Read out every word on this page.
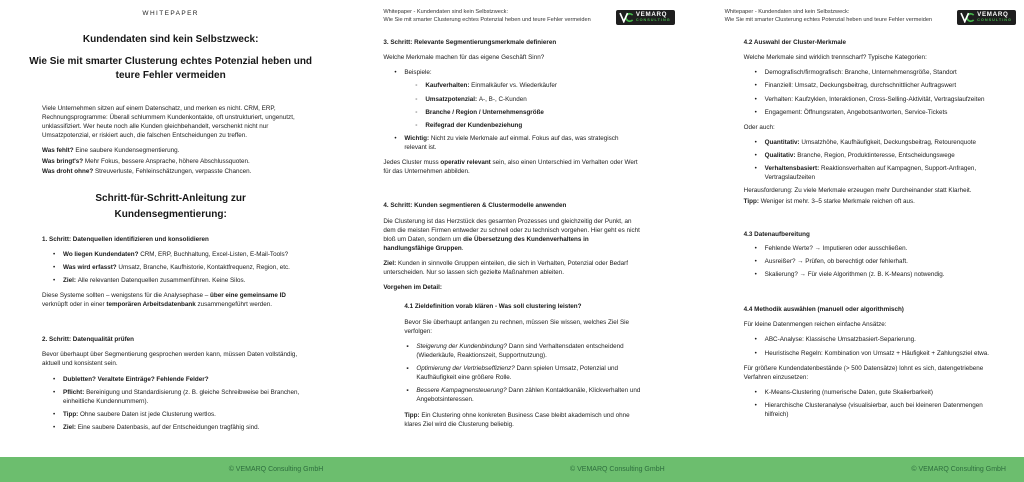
WHITEPAPER
Kundendaten sind kein Selbstzweck:
Wie Sie mit smarter Clusterung echtes Potenzial heben und teure Fehler vermeiden
Viele Unternehmen sitzen auf einem Datenschatz, und merken es nicht. CRM, ERP, Rechnungsprogramme: Überall schlummern Kundenkontakte, oft unstrukturiert, ungenutzt, unklassifiziert. Wer heute noch alle Kunden gleichbehandelt, verschenkt nicht nur Umsatzpotenzial, er riskiert auch, die falschen Entscheidungen zu treffen.
Was fehlt? Eine saubere Kundensegmentierung.
Was bringt's? Mehr Fokus, bessere Ansprache, höhere Abschlussquoten.
Was droht ohne? Streuverluste, Fehleinschätzungen, verpasste Chancen.
Schritt-für-Schritt-Anleitung zur Kundensegmentierung:
1. Schritt: Datenquellen identifizieren und konsolidieren
•	Wo liegen Kundendaten? CRM, ERP, Buchhaltung, Excel-Listen, E-Mail-Tools?
•	Was wird erfasst? Umsatz, Branche, Kaufhistorie, Kontaktfrequenz, Region, etc.
•	Ziel: Alle relevanten Datenquellen zusammenführen. Keine Silos.
Diese Systeme sollten – wenigstens für die Analysephase – über eine gemeinsame ID verknüpft oder in einer temporären Arbeitsdatenbank zusammengeführt werden.
2. Schritt: Datenqualität prüfen
Bevor überhaupt über Segmentierung gesprochen werden kann, müssen Daten vollständig, aktuell und konsistent sein.
•	Dubletten? Veraltete Einträge? Fehlende Felder?
•	Pflicht: Bereinigung und Standardisierung (z. B. gleiche Schreibweise bei Branchen, einheitliche Kundennummern).
•	Tipp: Ohne saubere Daten ist jede Clusterung wertlos.
•	Ziel: Eine saubere Datenbasis, auf der Entscheidungen tragfähig sind.
© VEMARQ Consulting GmbH
Whitepaper - Kundendaten sind kein Selbstzweck:
Wie Sie mit smarter Clusterung echtes Potenzial heben und teure Fehler vermeiden
VEMARQ
CONSULTING
3. Schritt: Relevante Segmentierungsmerkmale definieren
Welche Merkmale machen für das eigene Geschäft Sinn?
•	Beispiele:
◦	Kaufverhalten: Einmalkäufer vs. Wiederkäufer
◦	Umsatzpotenzial: A-, B-, C-Kunden
◦	Branche / Region / Unternehmensgröße
◦	Reifegrad der Kundenbeziehung
•	Wichtig: Nicht zu viele Merkmale auf einmal. Fokus auf das, was strategisch relevant ist.
Jedes Cluster muss operativ relevant sein, also einen Unterschied im Verhalten oder Wert für das Unternehmen abbilden.
4. Schritt: Kunden segmentieren & Clustermodelle anwenden
Die Clusterung ist das Herzstück des gesamten Prozesses und gleichzeitig der Punkt, an dem die meisten Firmen entweder zu schnell oder zu technisch vorgehen. Hier geht es nicht bloß um Daten, sondern um die Übersetzung des Kundenverhaltens in handlungsfähige Gruppen.
Ziel: Kunden in sinnvolle Gruppen einteilen, die sich in Verhalten, Potenzial oder Bedarf unterscheiden. Nur so lassen sich gezielte Maßnahmen ableiten.
Vorgehen im Detail:
4.1 Zieldefinition vorab klären - Was soll clustering leisten?
Bevor Sie überhaupt anfangen zu rechnen, müssen Sie wissen, welches Ziel Sie verfolgen:
▪	Steigerung der Kundenbindung? Dann sind Verhaltensdaten entscheidend (Wiederkäufe, Reaktionszeit, Supportnutzung).
▪	Optimierung der Vertriebseffizienz? Dann spielen Umsatz, Potenzial und Kaufhäufigkeit eine größere Rolle.
▪	Bessere Kampagnensteuerung? Dann zählen Kontaktkanäle, Klickverhalten und Angebotsinteressen.
Tipp: Ein Clustering ohne konkreten Business Case bleibt akademisch und ohne klares Ziel wird die Clusterung beliebig.
© VEMARQ Consulting GmbH
Whitepaper - Kundendaten sind kein Selbstzweck:
Wie Sie mit smarter Clusterung echtes Potenzial heben und teure Fehler vermeiden
VEMARQ
CONSULTING
4.2 Auswahl der Cluster-Merkmale
Welche Merkmale sind wirklich trennscharf? Typische Kategorien:
•	Demografisch/firmografisch: Branche, Unternehmensgröße, Standort
•	Finanziell: Umsatz, Deckungsbeitrag, durchschnittlicher Auftragswert
•	Verhalten: Kaufzyklen, Interaktionen, Cross-Selling-Aktivität, Vertragslaufzeiten
•	Engagement: Öffnungsraten, Angebotsantworten, Service-Tickets
Oder auch:
•	Quantitativ: Umsatzhöhe, Kaufhäufigkeit, Deckungsbeitrag, Retourenquote
•	Qualitativ: Branche, Region, Produktinteresse, Entscheidungswege
•	Verhaltensbasiert: Reaktionsverhalten auf Kampagnen, Support-Anfragen, Vertragslaufzeiten
Herausforderung: Zu viele Merkmale erzeugen mehr Durcheinander statt Klarheit.
Tipp: Weniger ist mehr. 3–5 starke Merkmale reichen oft aus.
4.3 Datenaufbereitung
•	Fehlende Werte? → Imputieren oder ausschließen.
•	Ausreißer? → Prüfen, ob berechtigt oder fehlerhaft.
•	Skalierung? → Für viele Algorithmen (z. B. K-Means) notwendig.
4.4 Methodik auswählen (manuell oder algorithmisch)
Für kleine Datenmengen reichen einfache Ansätze:
•	ABC-Analyse: Klassische Umsatzbasiert-Separierung.
•	Heuristische Regeln: Kombination von Umsatz + Häufigkeit + Zahlungsziel etwa.
Für größere Kundendatenbestände (> 500 Datensätze) lohnt es sich, datengetriebene Verfahren einzusetzen:
•	K-Means-Clustering (numerische Daten, gute Skalierbarkeit)
•	Hierarchische Clusteranalyse (visualisierbar, auch bei kleineren Datenmengen hilfreich)
© VEMARQ Consulting GmbH
